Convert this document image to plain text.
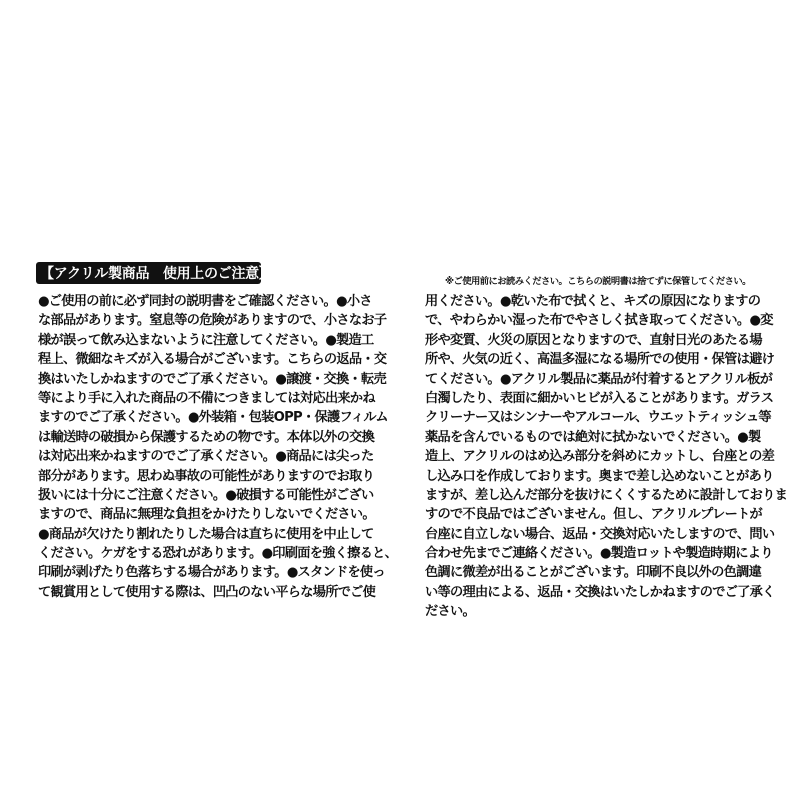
【アクリル製商品　使用上のご注意】	※ご使用前にお読みください。こちらの説明書は捨てずに保管してください。
●ご使用の前に必ず同封の説明書をご確認ください。●小さ
な部品があります。窒息等の危険がありますので、小さなお子
様が誤って飲み込まないように注意してください。●製造工
程上、微細なキズが入る場合がございます。こちらの返品・交
換はいたしかねますのでご了承ください。●譲渡・交換・転売
等により手に入れた商品の不備につきましては対応出来かね
ますのでご了承ください。●外装箱・包装OPP・保護フィルム
は輸送時の破損から保護するための物です。本体以外の交換
は対応出来かねますのでご了承ください。●商品には尖った
部分があります。思わぬ事故の可能性がありますのでお取り
扱いには十分にご注意ください。●破損する可能性がござい
ますので、商品に無理な負担をかけたりしないでください。
●商品が欠けたり割れたりした場合は直ちに使用を中止して
ください。ケガをする恐れがあります。●印刷面を強く擦ると、
印刷が剥げたり色落ちする場合があります。●スタンドを使っ
て観賞用として使用する際は、凹凸のない平らな場所でご使
用ください。●乾いた布で拭くと、キズの原因になりますの
で、やわらかい湿った布でやさしく拭き取ってください。●変
形や変質、火災の原因となりますので、直射日光のあたる場
所や、火気の近く、高温多湿になる場所での使用・保管は避け
てください。●アクリル製品に薬品が付着するとアクリル板が
白濁したり、表面に細かいヒビが入ることがあります。ガラス
クリーナー又はシンナーやアルコール、ウエットティッシュ等
薬品を含んでいるものでは絶対に拭かないでください。●製
造上、アクリルのはめ込み部分を斜めにカットし、台座との差
し込み口を作成しております。奥まで差し込めないことがあり
ますが、差し込んだ部分を抜けにくくするために設計しておりま
すので不良品ではございません。但し、アクリルプレートが
台座に自立しない場合、返品・交換対応いたしますので、問い
合わせ先までご連絡ください。●製造ロットや製造時期により
色調に微差が出ることがございます。印刷不良以外の色調違
い等の理由による、返品・交換はいたしかねますのでご了承く
ださい。
